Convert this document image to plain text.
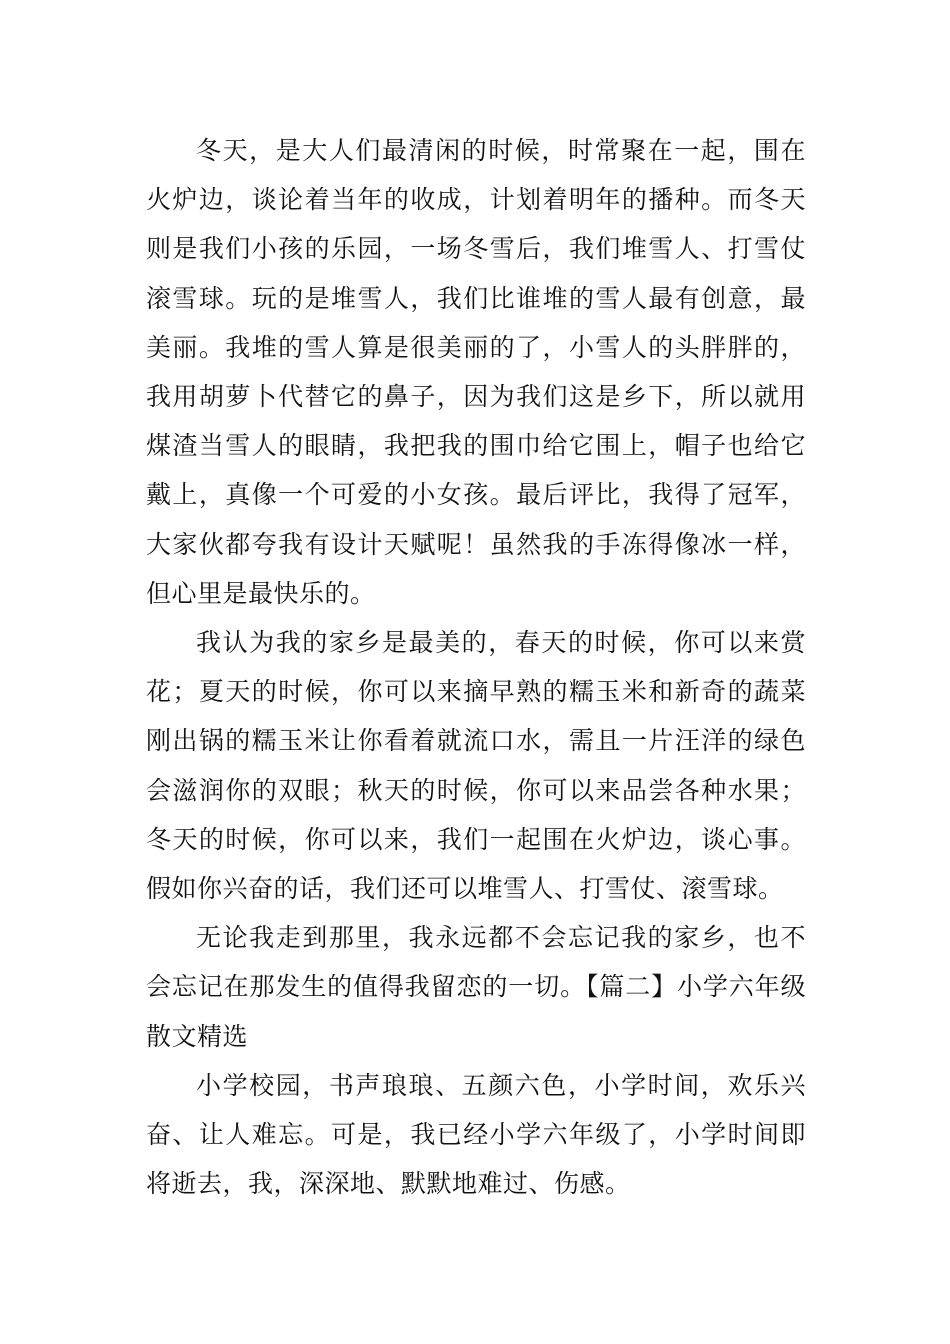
冬天，是大人们最清闲的时候，时常聚在一起，围在火炉边，谈论着当年的收成，计划着明年的播种。而冬天则是我们小孩的乐园，一场冬雪后，我们堆雪人、打雪仗滚雪球。玩的是堆雪人，我们比谁堆的雪人最有创意，最美丽。我堆的雪人算是很美丽的了，小雪人的头胖胖的，我用胡萝卜代替它的鼻子，因为我们这是乡下，所以就用煤渣当雪人的眼睛，我把我的围巾给它围上，帽子也给它戴上，真像一个可爱的小女孩。最后评比，我得了冠军，大家伙都夸我有设计天赋呢！虽然我的手冻得像冰一样，但心里是最快乐的。

我认为我的家乡是最美的，春天的时候，你可以来赏花；夏天的时候，你可以来摘早熟的糯玉米和新奇的蔬菜刚出锅的糯玉米让你看着就流口水，需且一片汪洋的绿色会滋润你的双眼；秋天的时候，你可以来品尝各种水果；冬天的时候，你可以来，我们一起围在火炉边，谈心事。假如你兴奋的话，我们还可以堆雪人、打雪仗、滚雪球。

无论我走到那里，我永远都不会忘记我的家乡，也不会忘记在那发生的值得我留恋的一切。【篇二】小学六年级散文精选

小学校园，书声琅琅、五颜六色，小学时间，欢乐兴奋、让人难忘。可是，我已经小学六年级了，小学时间即将逝去，我，深深地、默默地难过、伤感。
